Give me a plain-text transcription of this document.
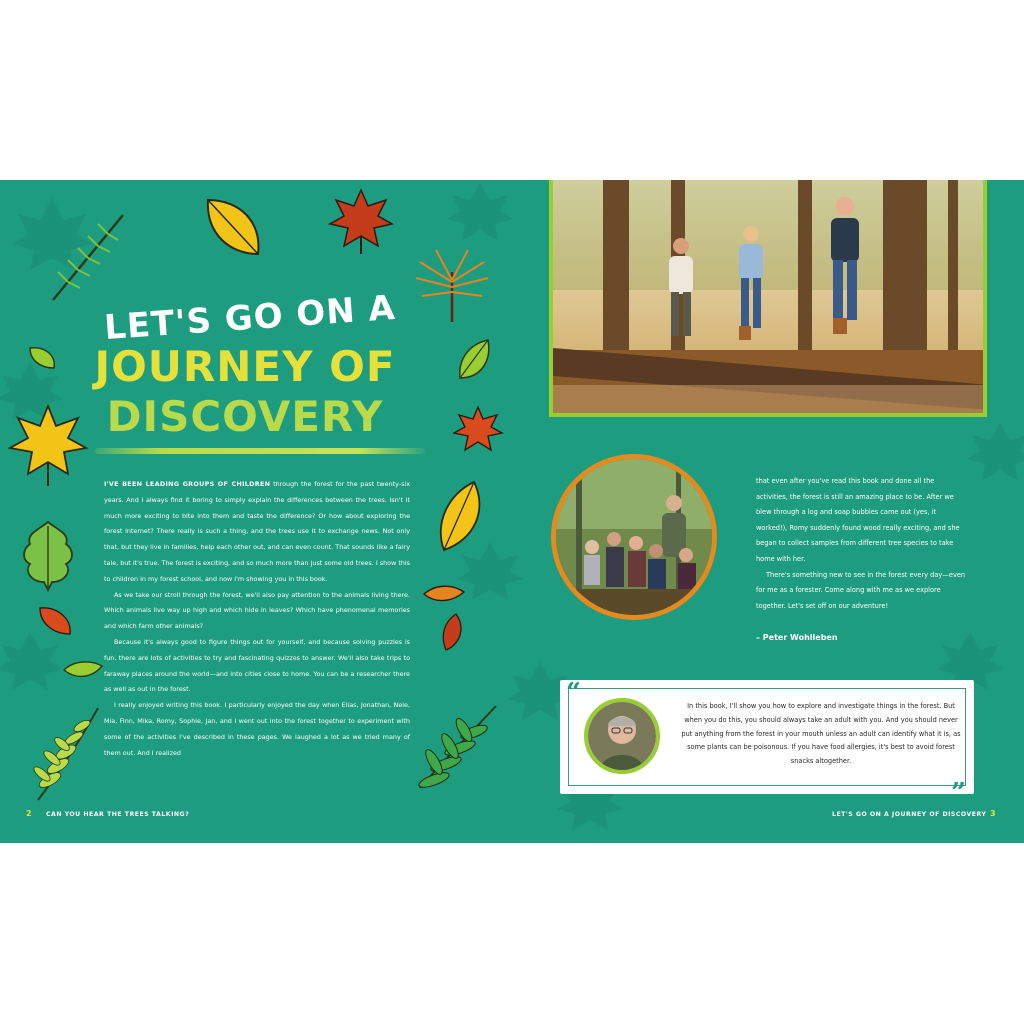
LET'S GO ON A
JOURNEY OF
DISCOVERY

I'VE BEEN LEADING GROUPS OF CHILDREN through the forest for the past twenty-six years. And I always find it boring to simply explain the differences between the trees. Isn't it much more exciting to bite into them and taste the difference? Or how about exploring the forest internet? There really is such a thing, and the trees use it to exchange news. Not only that, but they live in families, help each other out, and can even count. That sounds like a fairy tale, but it's true. The forest is exciting, and so much more than just some old trees. I show this to children in my forest school, and now I'm showing you in this book.

As we take our stroll through the forest, we'll also pay attention to the animals living there. Which animals live way up high and which hide in leaves? Which have phenomenal memories and which farm other animals?

Because it's always good to figure things out for yourself, and because solving puzzles is fun, there are lots of activities to try and fascinating quizzes to answer. We'll also take trips to faraway places around the world—and into cities close to home. You can be a researcher there as well as out in the forest.

I really enjoyed writing this book. I particularly enjoyed the day when Elias, Jonathan, Nele, Mia, Finn, Mika, Romy, Sophie, Jan, and I went out into the forest together to experiment with some of the activities I've described in these pages. We laughed a lot as we tried many of them out. And I realized

that even after you've read this book and done all the activities, the forest is still an amazing place to be. After we blew through a log and soap bubbles came out (yes, it worked!), Romy suddenly found wood really exciting, and she began to collect samples from different tree species to take home with her.

There's something new to see in the forest every day—even for me as a forester. Come along with me as we explore together. Let's set off on our adventure!

– Peter Wohlleben
“
”
In this book, I'll show you how to explore and investigate things in the forest. But when you do this, you should always take an adult with you. And you should never put anything from the forest in your mouth unless an adult can identify what it is, as some plants can be poisonous. If you have food allergies, it's best to avoid forest snacks altogether.
2 CAN YOU HEAR THE TREES TALKING?	LET'S GO ON A JOURNEY OF DISCOVERY 3
